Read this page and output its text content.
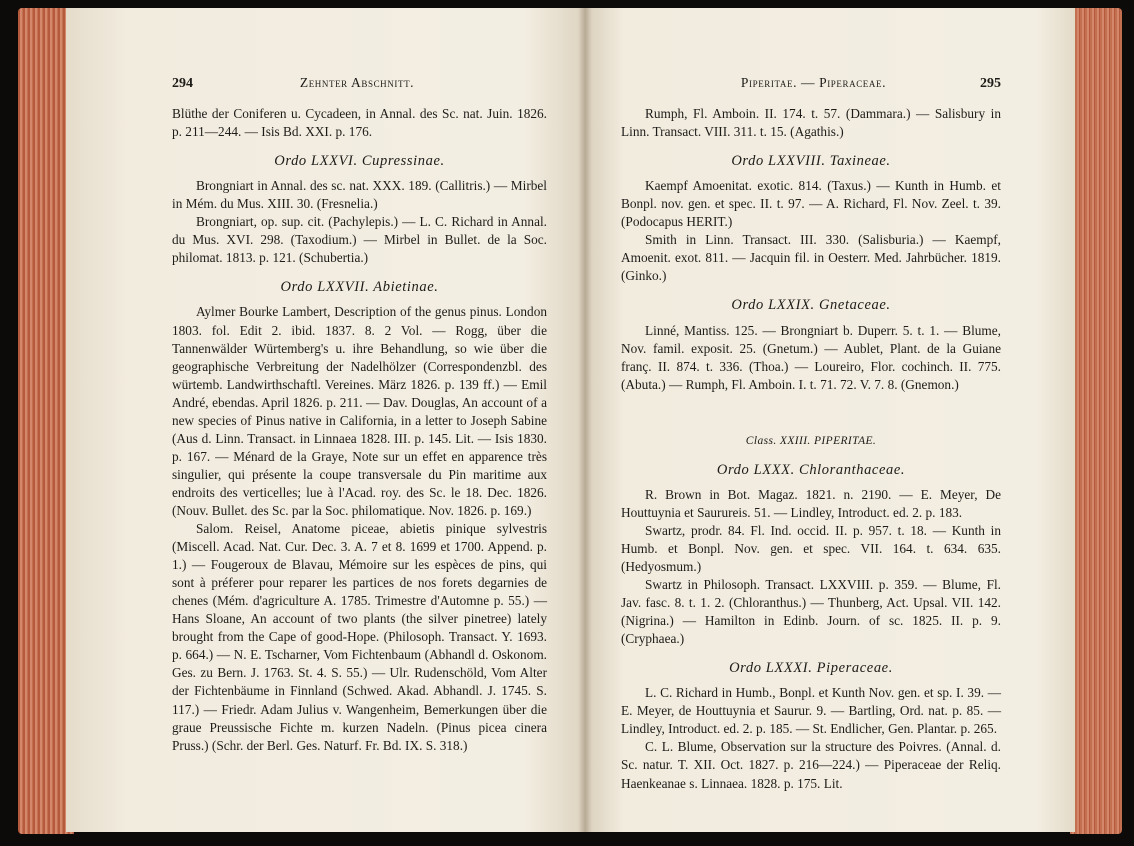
294	Zehnter Abschnitt.

Blüthe der Coniferen u. Cycadeen, in Annal. des Sc. nat. Juin. 1826. p. 211—244. — Isis Bd. XXI. p. 176.

Ordo LXXVI. Cupressinae.

Brongniart in Annal. des sc. nat. XXX. 189. (Callitris.) — Mirbel in Mém. du Mus. XIII. 30. (Fresnelia.)

Brongniart, op. sup. cit. (Pachylepis.) — L. C. Richard in Annal. du Mus. XVI. 298. (Taxodium.) — Mirbel in Bullet. de la Soc. philomat. 1813. p. 121. (Schubertia.)

Ordo LXXVII. Abietinae.

Aylmer Bourke Lambert, Description of the genus pinus. London 1803. fol. Edit 2. ibid. 1837. 8. 2 Vol. — Rogg, über die Tannenwälder Würtemberg's u. ihre Behandlung, so wie über die geographische Verbreitung der Nadelhölzer (Correspondenzbl. des würtemb. Landwirthschaftl. Vereines. März 1826. p. 139 ff.) — Emil André, ebendas. April 1826. p. 211. — Dav. Douglas, An account of a new species of Pinus native in California, in a letter to Joseph Sabine (Aus d. Linn. Transact. in Linnaea 1828. III. p. 145. Lit. — Isis 1830. p. 167. — Ménard de la Graye, Note sur un effet en apparence très singulier, qui présente la coupe transversale du Pin maritime aux endroits des verticelles; lue à l'Acad. roy. des Sc. le 18. Dec. 1826. (Nouv. Bullet. des Sc. par la Soc. philomatique. Nov. 1826. p. 169.)

Salom. Reisel, Anatome piceae, abietis pinique sylvestris (Miscell. Acad. Nat. Cur. Dec. 3. A. 7 et 8. 1699 et 1700. Append. p. 1.) — Fougeroux de Blavau, Mémoire sur les espèces de pins, qui sont à préferer pour reparer les partices de nos forets degarnies de chenes (Mém. d'agriculture A. 1785. Trimestre d'Automne p. 55.) — Hans Sloane, An account of two plants (the silver pinetree) lately brought from the Cape of good-Hope. (Philosoph. Transact. Y. 1693. p. 664.) — N. E. Tscharner, Vom Fichtenbaum (Abhandl d. Oskonom. Ges. zu Bern. J. 1763. St. 4. S. 55.) — Ulr. Rudenschöld, Vom Alter der Fichtenbäume in Finnland (Schwed. Akad. Abhandl. J. 1745. S. 117.) — Friedr. Adam Julius v. Wangenheim, Bemerkungen über die graue Preussische Fichte m. kurzen Nadeln. (Pinus picea cinera Pruss.) (Schr. der Berl. Ges. Naturf. Fr. Bd. IX. S. 318.)

Piperitae. — Piperaceae.	295

Rumph, Fl. Amboin. II. 174. t. 57. (Dammara.) — Salisbury in Linn. Transact. VIII. 311. t. 15. (Agathis.)

Ordo LXXVIII. Taxineae.

Kaempf Amoenitat. exotic. 814. (Taxus.) — Kunth in Humb. et Bonpl. nov. gen. et spec. II. t. 97. — A. Richard, Fl. Nov. Zeel. t. 39. (Podocapus HERIT.)

Smith in Linn. Transact. III. 330. (Salisburia.) — Kaempf, Amoenit. exot. 811. — Jacquin fil. in Oesterr. Med. Jahrbücher. 1819. (Ginko.)

Ordo LXXIX. Gnetaceae.

Linné, Mantiss. 125. — Brongniart b. Duperr. 5. t. 1. — Blume, Nov. famil. exposit. 25. (Gnetum.) — Aublet, Plant. de la Guiane franç. II. 874. t. 336. (Thoa.) — Loureiro, Flor. cochinch. II. 775. (Abuta.) — Rumph, Fl. Amboin. I. t. 71. 72. V. 7. 8. (Gnemon.)

Class. XXIII. PIPERITAE.
Ordo LXXX. Chloranthaceae.

R. Brown in Bot. Magaz. 1821. n. 2190. — E. Meyer, De Houttuynia et Saurureis. 51. — Lindley, Introduct. ed. 2. p. 183.

Swartz, prodr. 84. Fl. Ind. occid. II. p. 957. t. 18. — Kunth in Humb. et Bonpl. Nov. gen. et spec. VII. 164. t. 634. 635. (Hedyosmum.)

Swartz in Philosoph. Transact. LXXVIII. p. 359. — Blume, Fl. Jav. fasc. 8. t. 1. 2. (Chloranthus.) — Thunberg, Act. Upsal. VII. 142. (Nigrina.) — Hamilton in Edinb. Journ. of sc. 1825. II. p. 9. (Cryphaea.)

Ordo LXXXI. Piperaceae.

L. C. Richard in Humb., Bonpl. et Kunth Nov. gen. et sp. I. 39. — E. Meyer, de Houttuynia et Saurur. 9. — Bartling, Ord. nat. p. 85. — Lindley, Introduct. ed. 2. p. 185. — St. Endlicher, Gen. Plantar. p. 265.

C. L. Blume, Observation sur la structure des Poivres. (Annal. d. Sc. natur. T. XII. Oct. 1827. p. 216—224.) — Piperaceae der Reliq. Haenkeanae s. Linnaea. 1828. p. 175. Lit.
